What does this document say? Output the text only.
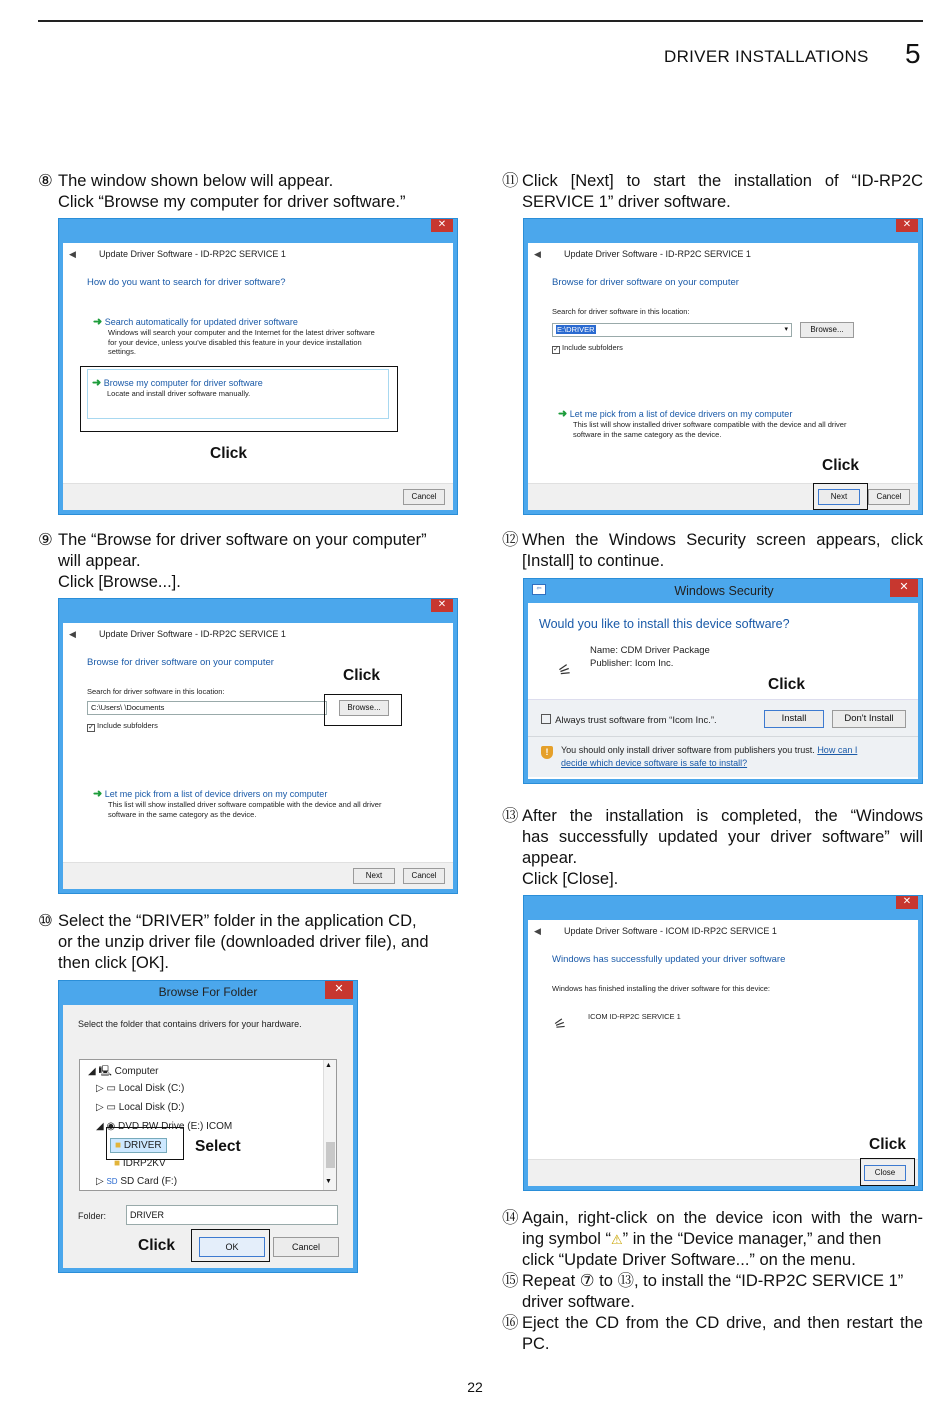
DRIVER INSTALLATIONS 5
⑧ The window shown below will appear.
Click “Browse my computer for driver software.”
✕
◀	Update Driver Software - ID-RP2C SERVICE 1
How do you want to search for driver software?
➜ Search automatically for updated driver software
Windows will search your computer and the Internet for the latest driver software
for your device, unless you've disabled this feature in your device installation
settings.
➜ Browse my computer for driver software
Locate and install driver software manually.
Cancel
Click
⑨ The “Browse for driver software on your computer”
will appear.
Click [Browse...].
✕
◀	Update Driver Software - ID-RP2C SERVICE 1
Browse for driver software on your computer
Search for driver software in this location:
C:\Users\ \Documents	Browse...
✓ Include subfolders
➜ Let me pick from a list of device drivers on my computer
This list will show installed driver software compatible with the device and all driver
software in the same category as the device.
Next	Cancel
Click
⑩ Select the “DRIVER” folder in the application CD,
or the unzip driver file (downloaded driver file), and
then click [OK].
Browse For Folder	✕
Select the folder that contains drivers for your hardware.
◢ 🖳 Computer
▷ ▭ Local Disk (C:)
▷ ▭ Local Disk (D:)
◢ ◉ DVD RW Drive (E:) ICOM
■ DRIVER
■ IDRP2KV
▷ SD SD Card (F:)
▲
▼
Folder:	DRIVER
OK	Cancel
Select
Click
⑪ Click [Next] to start the installation of “ID-RP2C
SERVICE 1” driver software.
✕
◀	Update Driver Software - ID-RP2C SERVICE 1
Browse for driver software on your computer
Search for driver software in this location:
E:\DRIVER	▾	Browse...
✓ Include subfolders
➜ Let me pick from a list of device drivers on my computer
This list will show installed driver software compatible with the device and all driver
software in the same category as the device.
Next	Cancel
Click
⑫ When the Windows Security screen appears, click
[Install] to continue.
⇦	Windows Security	✕
Would you like to install this device software?
⚟
Name: CDM Driver Package
Publisher: Icom Inc.
Always trust software from “Icom Inc.”.	Install	Don't Install
!	You should only install driver software from publishers you trust. How can I
decide which device software is safe to install?
Click
⑬ After the installation is completed, the “Windows
has successfully updated your driver software” will
appear.
Click [Close].
✕
◀	Update Driver Software - ICOM ID-RP2C SERVICE 1
Windows has successfully updated your driver software
Windows has finished installing the driver software for this device:
⚟	ICOM ID-RP2C SERVICE 1
Close
Click
⑭ Again, right-click on the device icon with the warn-
ing symbol “⚠” in the “Device manager,” and then
click “Update Driver Software...” on the menu.
⑮ Repeat ⑦ to ⑬, to install the “ID-RP2C SERVICE 1”
driver software.
⑯ Eject the CD from the CD drive, and then restart the
PC.
22
